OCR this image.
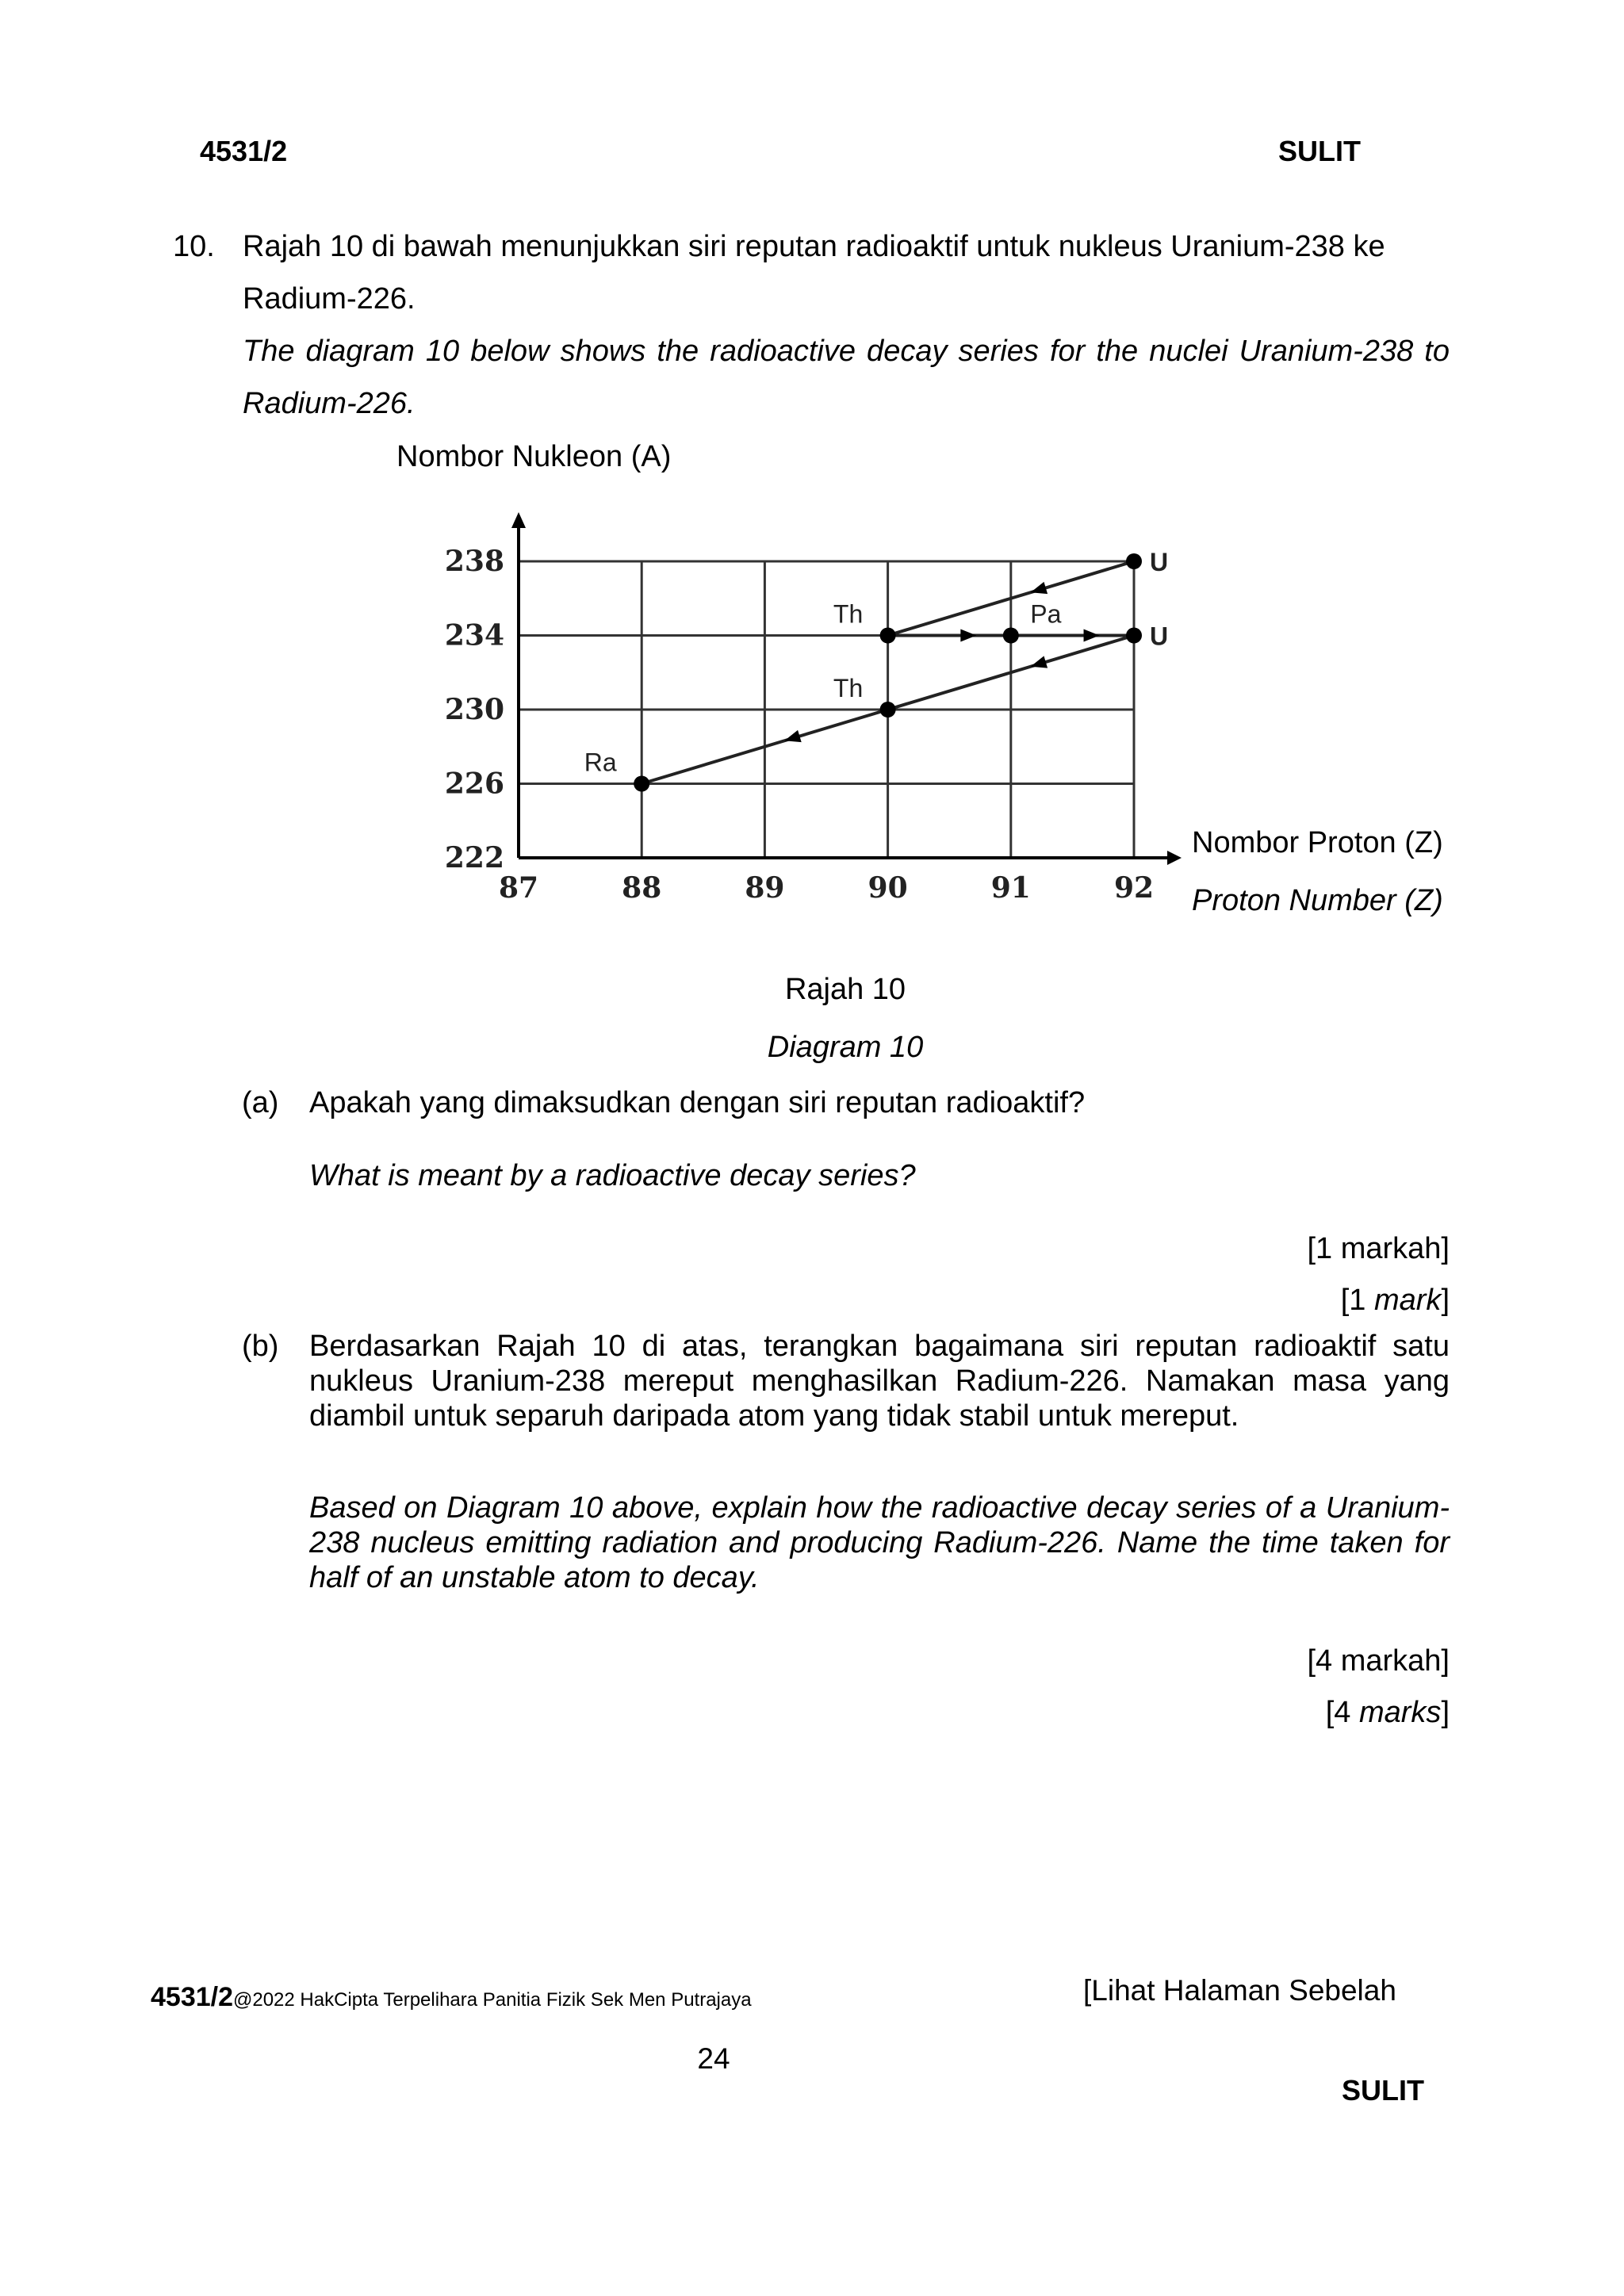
4531/2	SULIT
10. Rajah 10 di bawah menunjukkan siri reputan radioaktif untuk nukleus Uranium-238 ke Radium-226.
The diagram 10 below shows the radioactive decay series for the nuclei Uranium-238 to Radium-226.
Nombor Nukleon (A)
U
Th	Pa
U
Th
Ra
87	88	89	90	91	92
222
226
230
234
238
Nombor Proton (Z)
Proton Number (Z)
Rajah 10
Diagram 10
(a) Apakah yang dimaksudkan dengan siri reputan radioaktif?
What is meant by a radioactive decay series?
[1 markah]
[1 mark]
(b) Berdasarkan Rajah 10 di atas, terangkan bagaimana siri reputan radioaktif satu nukleus Uranium-238 mereput menghasilkan Radium-226. Namakan masa yang diambil untuk separuh daripada atom yang tidak stabil untuk mereput.
Based on Diagram 10 above, explain how the radioactive decay series of a Uranium-238 nucleus emitting radiation and producing Radium-226. Name the time taken for half of an unstable atom to decay.
[4 markah]
[4 marks]
4531/2@2022 HakCipta Terpelihara Panitia Fizik Sek Men Putrajaya	[Lihat Halaman Sebelah
24
SULIT
